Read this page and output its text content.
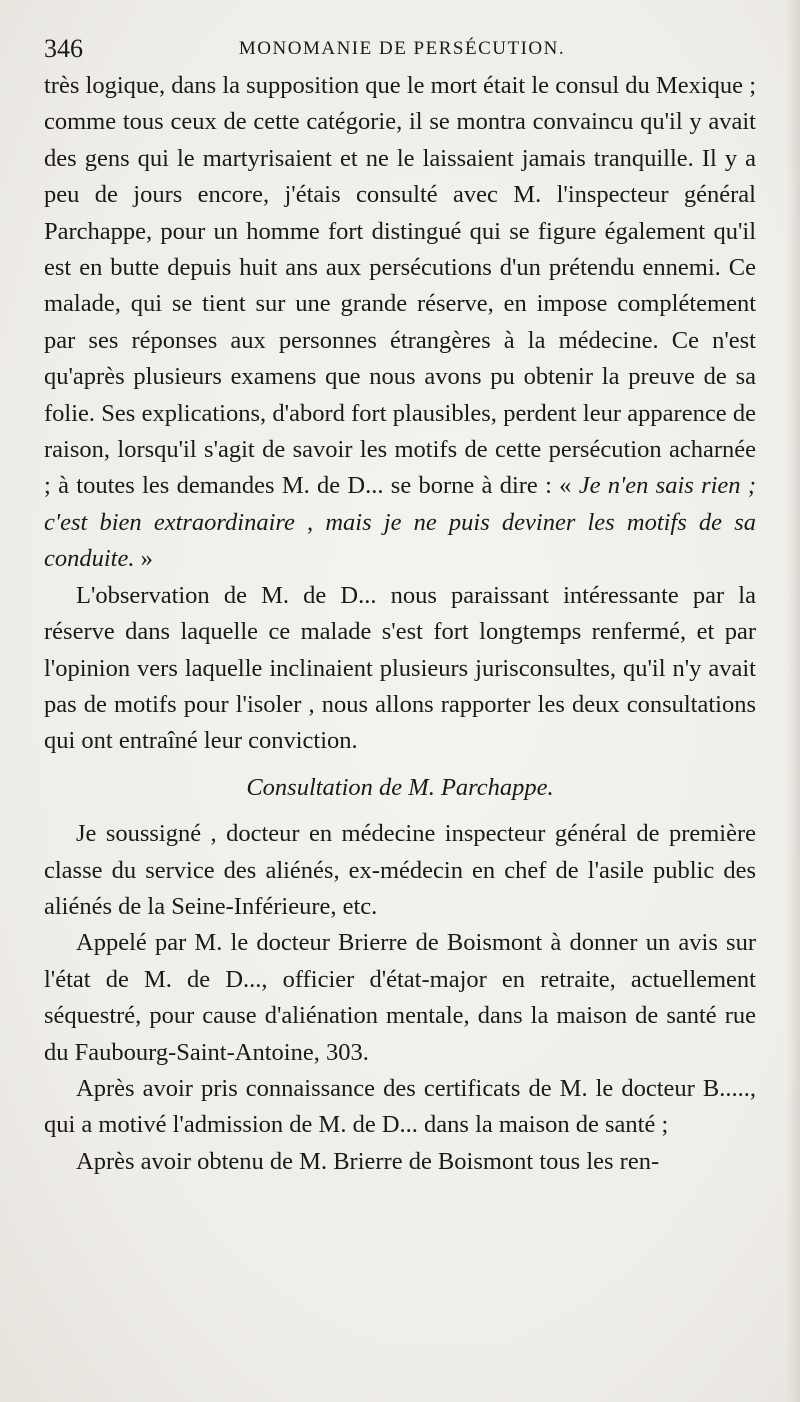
346	MONOMANIE DE PERSÉCUTION.

très logique, dans la supposition que le mort était le consul du Mexique ; comme tous ceux de cette catégorie, il se montra convaincu qu'il y avait des gens qui le martyrisaient et ne le laissaient jamais tranquille. Il y a peu de jours encore, j'étais consulté avec M. l'inspecteur général Parchappe, pour un homme fort distingué qui se figure également qu'il est en butte depuis huit ans aux persécutions d'un prétendu ennemi. Ce malade, qui se tient sur une grande réserve, en impose complétement par ses réponses aux personnes étrangères à la médecine. Ce n'est qu'après plusieurs examens que nous avons pu obtenir la preuve de sa folie. Ses explications, d'abord fort plausibles, perdent leur apparence de raison, lorsqu'il s'agit de savoir les motifs de cette persécution acharnée ; à toutes les demandes M. de D... se borne à dire : « Je n'en sais rien ; c'est bien extraordinaire , mais je ne puis deviner les motifs de sa conduite. »

L'observation de M. de D... nous paraissant intéressante par la réserve dans laquelle ce malade s'est fort longtemps renfermé, et par l'opinion vers laquelle inclinaient plusieurs jurisconsultes, qu'il n'y avait pas de motifs pour l'isoler , nous allons rapporter les deux consultations qui ont entraîné leur conviction.

Consultation de M. Parchappe.

Je soussigné , docteur en médecine inspecteur général de première classe du service des aliénés, ex-médecin en chef de l'asile public des aliénés de la Seine-Inférieure, etc.

Appelé par M. le docteur Brierre de Boismont à donner un avis sur l'état de M. de D..., officier d'état-major en retraite, actuellement séquestré, pour cause d'aliénation mentale, dans la maison de santé rue du Faubourg-Saint-Antoine, 303.

Après avoir pris connaissance des certificats de M. le docteur B....., qui a motivé l'admission de M. de D... dans la maison de santé ;

Après avoir obtenu de M. Brierre de Boismont tous les ren-
